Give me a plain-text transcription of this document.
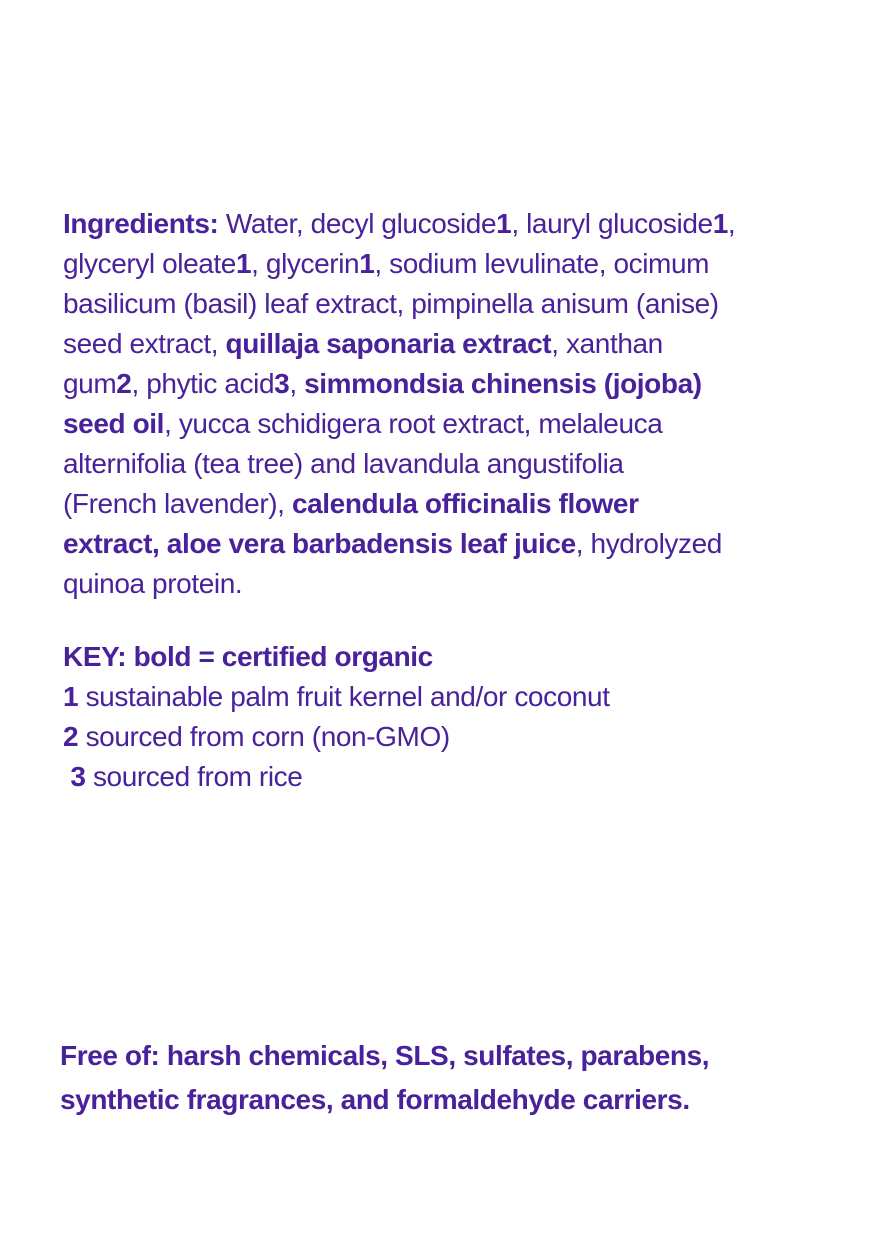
Ingredients: Water, decyl glucoside1, lauryl glucoside1,
glyceryl oleate1, glycerin1, sodium levulinate, ocimum
basilicum (basil) leaf extract, pimpinella anisum (anise)
seed extract, quillaja saponaria extract, xanthan
gum2, phytic acid3, simmondsia chinensis (jojoba)
seed oil, yucca schidigera root extract, melaleuca
alternifolia (tea tree) and lavandula angustifolia
(French lavender), calendula officinalis flower
extract, aloe vera barbadensis leaf juice, hydrolyzed
quinoa protein.
KEY: bold = certified organic
1 sustainable palm fruit kernel and/or coconut
2 sourced from corn (non-GMO)
3 sourced from rice
Free of: harsh chemicals, SLS, sulfates, parabens,
synthetic fragrances, and formaldehyde carriers.
